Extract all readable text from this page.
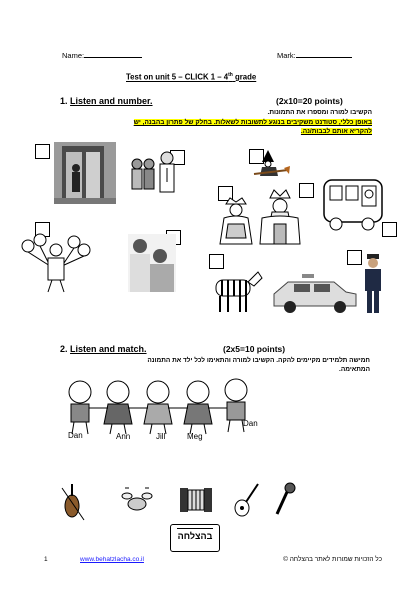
Name:	Mark:
Test on unit 5 – CLICK 1 – 4th grade
1. Listen and number.	(2x10=20 points)
הקשיבו למורה ומספרו את התמונות.
באופן כללי, סטודנט משקיבים בנוגע לתשובות לשאלות. בחלק של פתרון בהבנה, יש
להקריא אותם לבבות/נה.
2. Listen and match.	(2x5=10 points)
חמישה תלמידים מקיימים להקה. הקשיבו למורה והתאימו לכל ילד את התמונה
המתאימה.
Dan	Ann	Jill	Meg
Dan
בהצלחה
1	www.behatzlacha.co.il	כל הזכויות שמורות לאתר בהצלחה ©
